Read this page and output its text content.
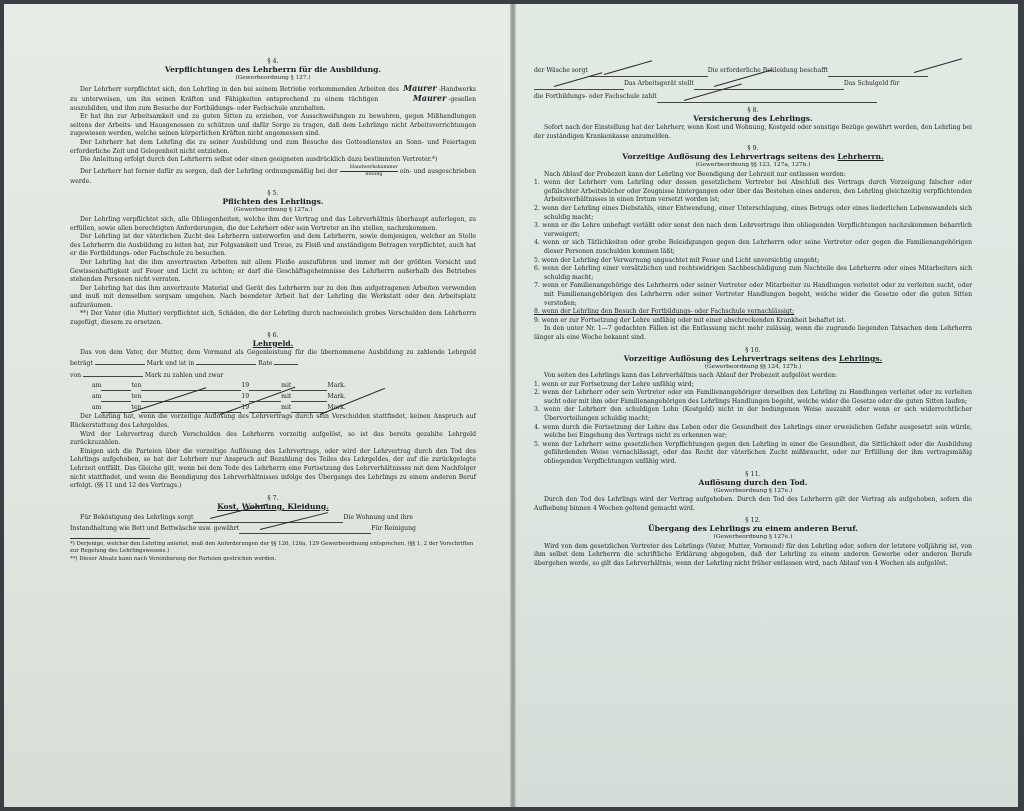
§ 4.

Verpflichtungen des Lehrherrn für die Ausbildung.

(Gewerbeordnung § 127.)

Der Lehrherr verpflichtet sich, den Lehrling in den bei seinem Betriebe vorkommenden Arbeiten des Maurer -Handwerks zu unterweisen, um ihn seinen Kräften und Fähigkeiten entsprechend zu einem tüchtigen	Maurer -gesellen auszubilden, und ihm zum Besuche der Fortbildungs- oder Fachschule anzuhalten.

Er hat ihn zur Arbeitsamkeit und zu guten Sitten zu erziehen, vor Ausschweifungen zu bewahren, gegen Mißhandlungen seitens der Arbeits- und Hausgenossen zu schützen und dafür Sorge zu tragen, daß dem Lehrlinge nicht Arbeitsverrichtungen zugewiesen werden, welche seinen körperlichen Kräften nicht angemessen sind.

Der Lehrherr hat dem Lehrling die zu seiner Ausbildung und zum Besuche des Gottesdienstes an Sonn- und Feiertagen erforderliche Zeit und Gelegenheit nicht entziehen.

Die Anleitung erfolgt durch den Lehrherrn selbst oder einen geeigneten ausdrücklich dazu bestimmten Vertreter.*)

Der Lehrherr hat ferner dafür zu sorgen, daß der Lehrling ordnungsmäßig bei der
Handwerkskammer
Innung	ein- und ausgeschrieben werde.

§ 5.

Pflichten des Lehrlings.

(Gewerbeordnung § 127a.)

Der Lehrling verpflichtet sich, alle Obliegenheiten, welche ihm der Vertrag und das Lehrverhältnis überhaupt auferlegen, zu erfüllen, sowie allen berechtigten Anforderungen, die der Lehrherr oder sein Vertreter an ihn stellen, nachzukommen.

Der Lehrling ist der väterlichen Zucht des Lehrherrn unterworfen und dem Lehrherrn, sowie demjenigen, welcher an Stelle des Lehrherrn die Ausbildung zu leiten hat, zur Folgsamkeit und Treue, zu Fleiß und anständigem Betragen verpflichtet, auch hat er die Fortbildungs- oder Fachschule zu besuchen.

Der Lehrling hat die ihm anvertrauten Arbeiten mit allem Fleiße auszuführen und immer mit der größten Vorsicht und Gewissenhaftigkeit auf Feuer und Licht zu achten; er darf die Geschäftsgeheimnisse des Lehrherrn außerhalb des Betriebes stehenden Personen nicht verraten.

Der Lehrling hat das ihm anvertraute Material und Gerät des Lehrherrn nur zu den ihm aufgetragenen Arbeiten verwenden und muß mit demselben sorgsam umgehen. Nach beendeter Arbeit hat der Lehrling die Werkstatt oder den Arbeitsplatz aufzuräumen.

**) Der Vater (die Mutter) verpflichtet sich, Schäden, die der Lehrling durch nachweislich grobes Verschulden dem Lehrherrn zugefügt, diesem zu ersetzen.

§ 6.

Lehrgeld.

Das von dem Vater, der Mutter, dem Vormund als Gegenleistung für die übernommene Ausbildung zu zahlende Lehrgeld beträgt	Mark und ist in	Rate

von	Mark zu zahlen und zwar

am	ten	19	mit	Mark.

am	ten	19	mit	Mark.

am	ten	19	mit	Mark.

Der Lehrling hat, wenn die vorzeitige Auflösung des Lehrvertrags durch sein Verschulden stattfindet, keinen Anspruch auf Rückerstattung des Lehrgeldes.

Wird der Lehrvertrag durch Verschulden des Lehrherrn vorzeitig aufgelöst, so ist das bereits gezahlte Lehrgeld zurückzuzahlen.

Einigen sich die Parteien über die vorzeitige Auflösung des Lehrvertrags, oder wird der Lehrvertrag durch den Tod des Lehrlings aufgehoben, so hat der Lehrherr nur Anspruch auf Bezahlung des Teiles des Lehrgeldes, der auf die zurückgelegte Lehrzeit entfällt. Das Gleiche gilt, wenn bei dem Tode des Lehrherrn eine Fortsetzung des Lehrverhältnisses mit dem Nachfolger nicht stattfindet, und wenn die Beendigung des Lehrverhältnisses infolge des Übergangs des Lehrlings zu einem anderen Beruf erfolgt. (§§ 11 und 12 des Vertrags.)

§ 7.

Kost, Wohnung, Kleidung.

Für Beköstigung des Lehrlings sorgt	Die Wohnung und ihre

Instandhaltung wie Bett und Bettwäsche usw. gewährt	Für Reinigung

*) Derjenige, welcher den Lehrling anleitet, muß den Anforderungen der §§ 126, 126a, 129 Gewerbeordnung entsprechen. (§§ 1, 2 der Vorschriften zur Regelung des Lehrlingswesens.)

**) Dieser Absatz kann nach Vereinbarung der Parteien gestrichen werden.

der Wäsche sorgt	Die erforderliche Bekleidung beschafft

Das Arbeitsgerät stellt	Das Schulgeld für

die Fortbildungs- oder Fachschule zahlt

§ 8.

Versicherung des Lehrlings.

Sofort nach der Einstellung hat der Lehrherr, wenn Kost und Wohnung, Kostgeld oder sonstige Bezüge gewährt werden, den Lehrling bei der zuständigen Krankenkasse anzumelden.

§ 9.

Vorzeitige Auflösung des Lehrvertrags seitens des Lehrherrn.

(Gewerbeordnung §§ 123, 127a, 127b.)

Nach Ablauf der Probezeit kann der Lehrling vor Beendigung der Lehrzeit nur entlassen werden:

1. wenn der Lehrherr vom Lehrling oder dessen gesetzlichem Vertreter bei Abschluß des Vertrags durch Vorzeigung falscher oder gefälschter Arbeitsbücher oder Zeugnisse hintergangen oder über das Bestehen eines anderen, den Lehrling gleichzeitig verpflichtenden Arbeitsverhältnisses in einen Irrtum versetzt worden ist;

2. wenn der Lehrling eines Diebstahls, einer Entwendung, einer Unterschlagung, eines Betrugs oder eines liederlichen Lebenswandels sich schuldig macht;

3. wenn er die Lehre unbefugt verläßt oder sonst den nach dem Lehrvertrage ihm obliegenden Verpflichtungen nachzukommen beharrlich verweigert;

4. wenn er sich Tätlichkeiten oder grobe Beleidigungen gegen den Lehrherrn oder seine Vertreter oder gegen die Familienangehörigen dieser Personen zuschulden kommen läßt;

5. wenn der Lehrling der Verwarnung ungeachtet mit Feuer und Licht unvorsichtig umgeht;

6. wenn der Lehrling einer vorsätzlichen und rechtswidrigen Sachbeschädigung zum Nachteile des Lehrherrn oder eines Mitarbeiters sich schuldig macht;

7. wenn er Familienangehörige des Lehrherrn oder seiner Vertreter oder Mitarbeiter zu Handlungen verleitet oder zu verleiten sucht, oder mit Familienangehörigen des Lehrherrn oder seiner Vertreter Handlungen begeht, welche wider die Gesetze oder die guten Sitten verstoßen;

8. wenn der Lehrling den Besuch der Fortbildungs- oder Fachschule vernachlässigt;

9. wenn er zur Fortsetzung der Lehre unfähig oder mit einer abschreckenden Krankheit behaftet ist.

In den unter Nr. 1—7 gedachten Fällen ist die Entlassung nicht mehr zulässig, wenn die zugrunde liegenden Tatsachen dem Lehrherrn länger als eine Woche bekannt sind.

§ 10.

Vorzeitige Auflösung des Lehrvertrags seitens des Lehrlings.

(Gewerbeordnung §§ 124, 127b.)

Von seiten des Lehrlings kann das Lehrverhältnis nach Ablauf der Probezeit aufgelöst werden:

1. wenn er zur Fortsetzung der Lehre unfähig wird;

2. wenn der Lehrherr oder sein Vertreter oder ein Familienangehöriger derselben den Lehrling zu Handlungen verleitet oder zu verleiten sucht oder mit ihm oder Familienangehörigen des Lehrlings Handlungen begeht, welche wider die Gesetze oder die guten Sitten laufen;

3. wenn der Lehrherr den schuldigen Lohn (Kostgeld) nicht in der bedungenen Weise auszahlt oder wenn er sich widerrechtlicher Übervorteilungen schuldig macht;

4. wenn durch die Fortsetzung der Lehre das Leben oder die Gesundheit des Lehrlings einer erweislichen Gefahr ausgesetzt sein würde, welche bei Eingehung des Vertrags nicht zu erkennen war;

5. wenn der Lehrherr seine gesetzlichen Verpflichtungen gegen den Lehrling in einer die Gesundheit, die Sittlichkeit oder die Ausbildung gefährdenden Weise vernachlässigt, oder das Recht der väterlichen Zucht mißbraucht, oder zur Erfüllung der ihm vertragsmäßig obliegenden Verpflichtungen unfähig wird.

§ 11.

Auflösung durch den Tod.

(Gewerbeordnung § 127e.)

Durch den Tod des Lehrlings wird der Vertrag aufgehoben. Durch den Tod des Lehrherrn gilt der Vertrag als aufgehoben, sofern die Aufhebung binnen 4 Wochen geltend gemacht wird.

§ 12.

Übergang des Lehrlings zu einem anderen Beruf.

(Gewerbeordnung § 127e.)

Wird von dem gesetzlichen Vertreter des Lehrlings (Vater, Mutter, Vormund) für den Lehrling oder, sofern der letztere volljährig ist, von ihm selbst dem Lehrherrn die schriftliche Erklärung abgegeben, daß der Lehrling zu einem anderen Gewerbe oder anderen Berufe übergehen werde, so gilt das Lehrverhältnis, wenn der Lehrling nicht früher entlassen wird, nach Ablauf von 4 Wochen als aufgelöst.
